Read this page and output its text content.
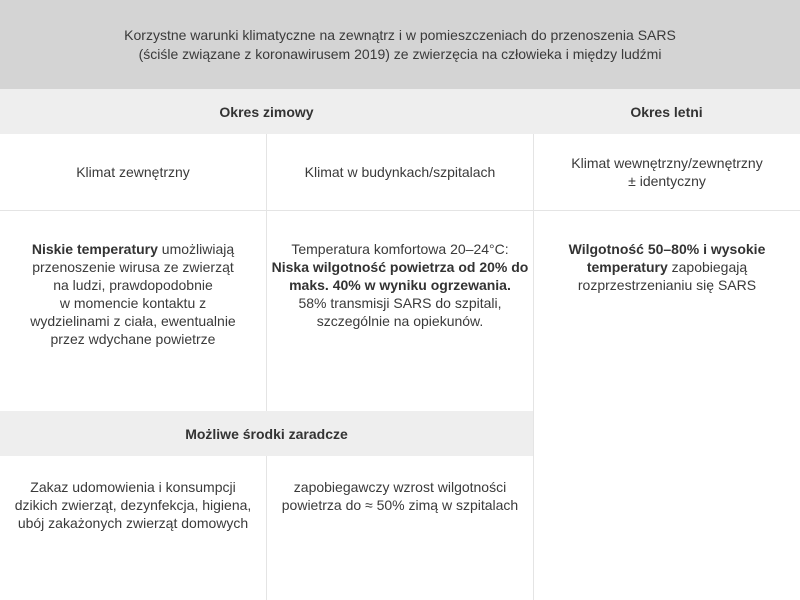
Korzystne warunki klimatyczne na zewnątrz i w pomieszczeniach do przenoszenia SARS
(ściśle związane z koronawirusem 2019) ze zwierzęcia na człowieka i między ludźmi
Okres zimowy	Okres letni
Klimat zewnętrzny	Klimat w budynkach/szpitalach
Klimat wewnętrzny/zewnętrzny
± identyczny
Niskie temperatury umożliwiają
przenoszenie wirusa ze zwierząt
na ludzi, prawdopodobnie
w momencie kontaktu z
wydzielinami z ciała, ewentualnie
przez wdychane powietrze
Temperatura komfortowa 20–24°C:
Niska wilgotność powietrza od 20% do maks. 40% w wyniku ogrzewania.
58% transmisji SARS do szpitali,
szczególnie na opiekunów.
Wilgotność 50–80% i wysokie
temperatury zapobiegają
rozprzestrzenianiu się SARS
Możliwe środki zaradcze
Zakaz udomowienia i konsumpcji
dzikich zwierząt, dezynfekcja, higiena,
ubój zakażonych zwierząt domowych
zapobiegawczy wzrost wilgotności
powietrza do ≈ 50% zimą w szpitalach
